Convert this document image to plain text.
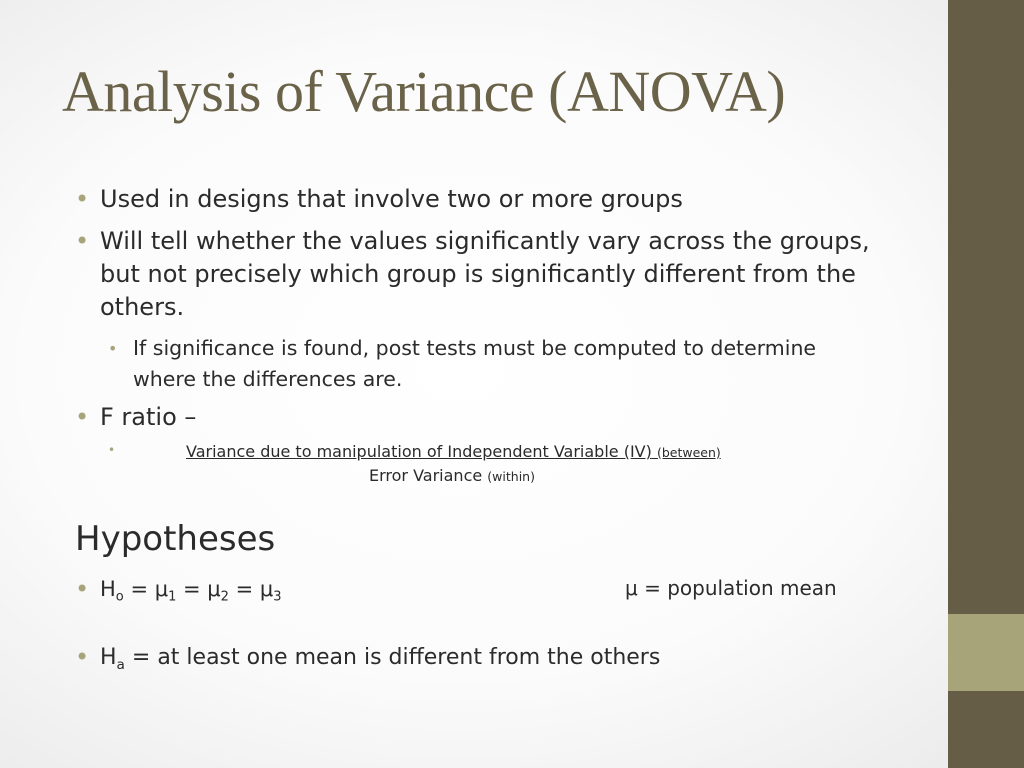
Analysis of Variance (ANOVA)
• Used in designs that involve two or more groups
• Will tell whether the values significantly vary across the groups, but not precisely which group is significantly different from the others.
• If significance is found, post tests must be computed to determine where the differences are.
• F ratio –
•	Variance due to manipulation of Independent Variable (IV) (between)
Error Variance (within)
Hypotheses
• $H_o = \mu_1 = \mu_2 = \mu_3$	μ = population mean
• $H_a$ = at least one mean is different from the others
